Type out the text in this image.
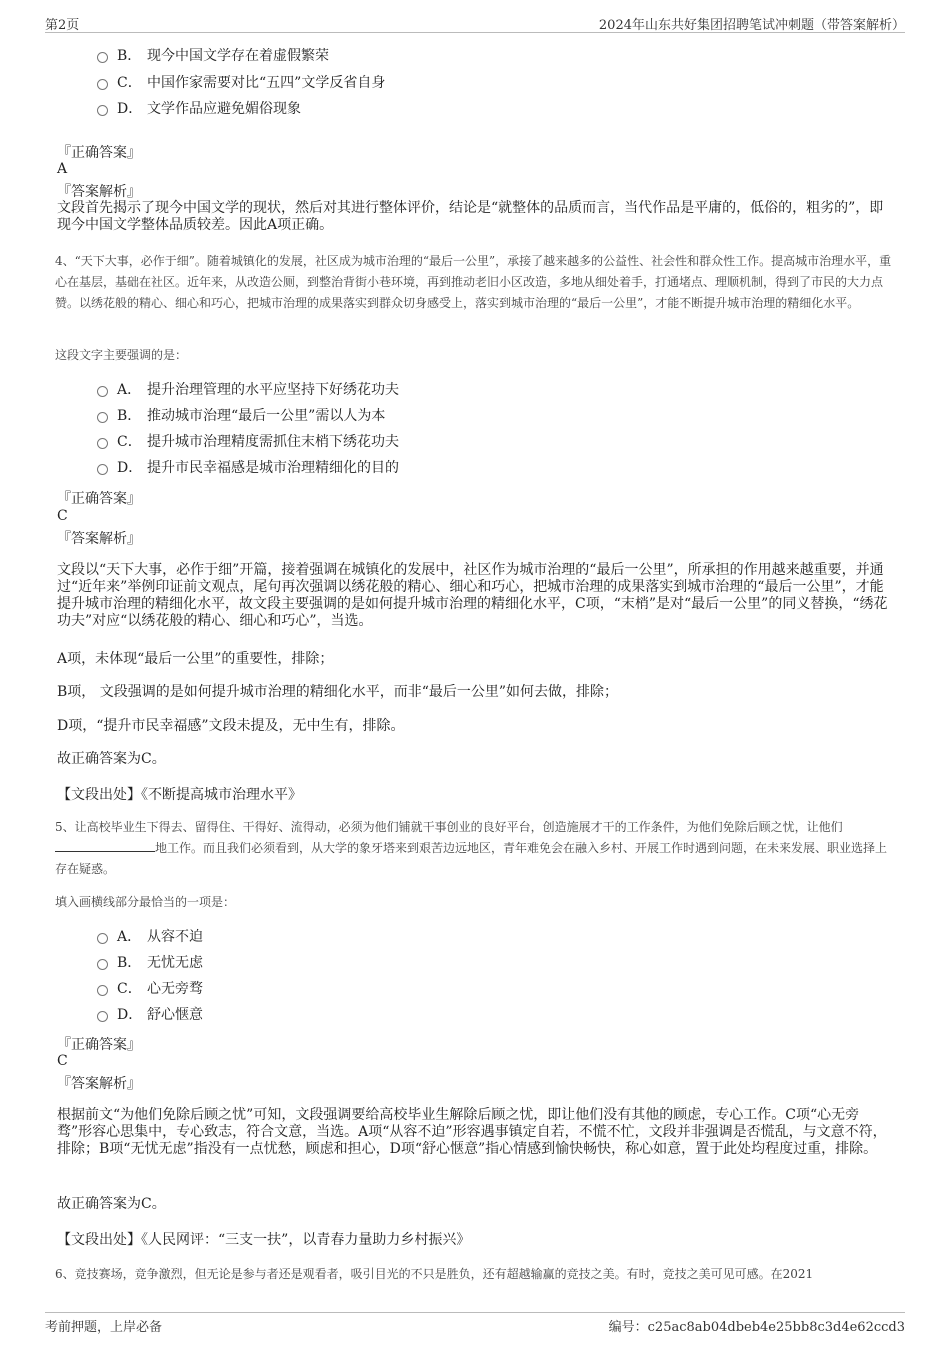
第2页	2024年山东共好集团招聘笔试冲刺题（带答案解析）
B． 现今中国文学存在着虚假繁荣
C． 中国作家需要对比“五四”文学反省自身
D． 文学作品应避免媚俗现象
『正确答案』
A
『答案解析』
文段首先揭示了现今中国文学的现状，然后对其进行整体评价，结论是“就整体的品质而言，当代作品是平庸的，低俗的，粗劣的”，即现今中国文学整体品质较差。因此A项正确。
4、“天下大事，必作于细”。随着城镇化的发展，社区成为城市治理的“最后一公里”，承接了越来越多的公益性、社会性和群众性工作。提高城市治理水平，重心在基层，基础在社区。近年来，从改造公厕，到整治背街小巷环境，再到推动老旧小区改造，多地从细处着手，打通堵点、理顺机制，得到了市民的大力点赞。以绣花般的精心、细心和巧心，把城市治理的成果落实到群众切身感受上，落实到城市治理的“最后一公里”，才能不断提升城市治理的精细化水平。
这段文字主要强调的是：
A． 提升治理管理的水平应坚持下好绣花功夫
B． 推动城市治理“最后一公里”需以人为本
C． 提升城市治理精度需抓住末梢下绣花功夫
D． 提升市民幸福感是城市治理精细化的目的
『正确答案』
C
『答案解析』
文段以“天下大事，必作于细”开篇，接着强调在城镇化的发展中，社区作为城市治理的“最后一公里”，所承担的作用越来越重要，并通过“近年来”举例印证前文观点，尾句再次强调以绣花般的精心、细心和巧心，把城市治理的成果落实到城市治理的“最后一公里”，才能提升城市治理的精细化水平，故文段主要强调的是如何提升城市治理的精细化水平，C项，“末梢”是对“最后一公里”的同义替换，“绣花功夫”对应“以绣花般的精心、细心和巧心”，当选。
A项，未体现“最后一公里”的重要性，排除；
B项， 文段强调的是如何提升城市治理的精细化水平，而非“最后一公里”如何去做，排除；
D项，“提升市民幸福感”文段未提及，无中生有，排除。
故正确答案为C。
【文段出处】《不断提高城市治理水平》
5、让高校毕业生下得去、留得住、干得好、流得动，必须为他们铺就干事创业的良好平台，创造施展才干的工作条件，为他们免除后顾之忧，让他们地工作。而且我们必须看到，从大学的象牙塔来到艰苦边远地区，青年难免会在融入乡村、开展工作时遇到问题，在未来发展、职业选择上存在疑惑。
填入画横线部分最恰当的一项是：
A． 从容不迫
B． 无忧无虑
C． 心无旁骛
D． 舒心惬意
『正确答案』
C
『答案解析』
根据前文“为他们免除后顾之忧”可知，文段强调要给高校毕业生解除后顾之忧，即让他们没有其他的顾虑，专心工作。C项“心无旁骛”形容心思集中，专心致志，符合文意，当选。A项“从容不迫”形容遇事镇定自若，不慌不忙，文段并非强调是否慌乱，与文意不符，排除；B项“无忧无虑”指没有一点忧愁，顾虑和担心，D项“舒心惬意”指心情感到愉快畅快，称心如意，置于此处均程度过重，排除。
故正确答案为C。
【文段出处】《人民网评：“三支一扶”，以青春力量助力乡村振兴》
6、竞技赛场，竞争激烈，但无论是参与者还是观看者，吸引目光的不只是胜负，还有超越输赢的竞技之美。有时，竞技之美可见可感。在2021
考前押题，上岸必备	编号：c25ac8ab04dbeb4e25bb8c3d4e62ccd3
